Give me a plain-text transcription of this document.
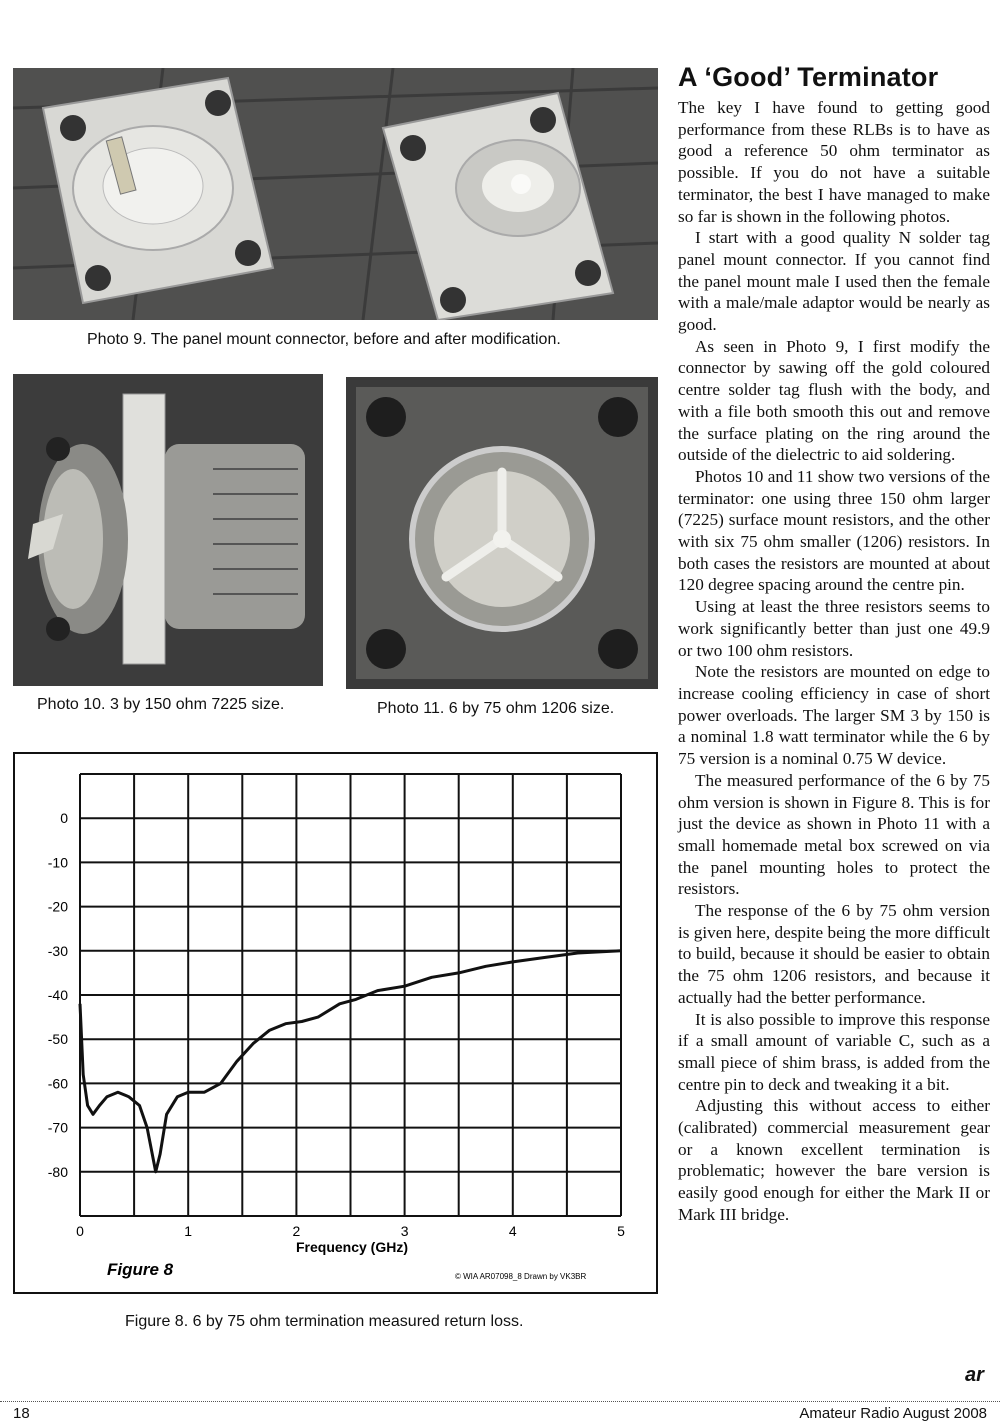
Photo 9. The panel mount connector, before and after modification.
Photo 10. 3 by 150 ohm 7225 size.	Photo 11. 6 by 75 ohm 1206 size.
0	1	2	3	4	5
0
-10
-20
-30
-40
-50
-60
-70
-80
Frequency (GHz)
Figure 8	© WIA AR07098_8 Drawn by VK3BR
Figure 8. 6 by 75 ohm termination measured return loss.
A ‘Good’ Terminator

The key I have found to getting good performance from these RLBs is to have as good a reference 50 ohm terminator as possible. If you do not have a suitable terminator, the best I have managed to make so far is shown in the following photos.

I start with a good quality N solder tag panel mount connector. If you cannot find the panel mount male I used then the female with a male/male adaptor would be nearly as good.

As seen in Photo 9, I first modify the connector by sawing off the gold coloured centre solder tag flush with the body, and with a file both smooth this out and remove the surface plating on the ring around the outside of the dielectric to aid soldering.

Photos 10 and 11 show two versions of the terminator: one using three 150 ohm larger (7225) surface mount resistors, and the other with six 75 ohm smaller (1206) resistors. In both cases the resistors are mounted at about 120 degree spacing around the centre pin.

Using at least the three resistors seems to work significantly better than just one 49.9 or two 100 ohm resistors.

Note the resistors are mounted on edge to increase cooling efficiency in case of short power overloads. The larger SM 3 by 150 is a nominal 1.8 watt terminator while the 6 by 75 version is a nominal 0.75 W device.

The measured performance of the 6 by 75 ohm version is shown in Figure 8. This is for just the device as shown in Photo 11 with a small homemade metal box screwed on via the panel mounting holes to protect the resistors.

The response of the 6 by 75 ohm version is given here, despite being the more difficult to build, because it should be easier to obtain the 75 ohm 1206 resistors, and because it actually had the better performance.

It is also possible to improve this response if a small amount of variable C, such as a small piece of shim brass, is added from the centre pin to deck and tweaking it a bit.

Adjusting this without access to either (calibrated) commercial measurement gear or a known excellent termination is problematic; however the bare version is easily good enough for either the Mark II or Mark III bridge.

ar
18	Amateur Radio August 2008
